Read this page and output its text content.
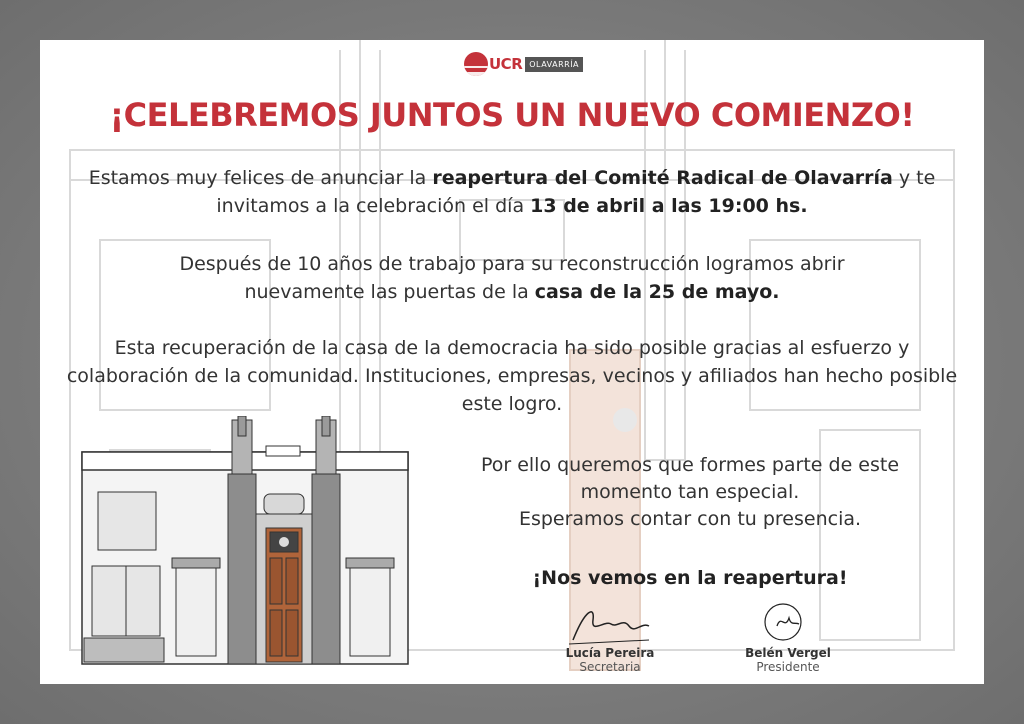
UCR OLAVARRÍA
¡CELEBREMOS JUNTOS UN NUEVO COMIENZO!
Estamos muy felices de anunciar la reapertura del Comité Radical de Olavarría y te invitamos a la celebración el día 13 de abril a las 19:00 hs.
Después de 10 años de trabajo para su reconstrucción logramos abrir nuevamente las puertas de la casa de la 25 de mayo.
Esta recuperación de la casa de la democracia ha sido posible gracias al esfuerzo y colaboración de la comunidad. Instituciones, empresas, vecinos y afiliados han hecho posible este logro.
Por ello queremos que formes parte de este
momento tan especial.
Esperamos contar con tu presencia.
¡Nos vemos en la reapertura!
Lucía Pereira
Secretaria
Belén Vergel
Presidente
